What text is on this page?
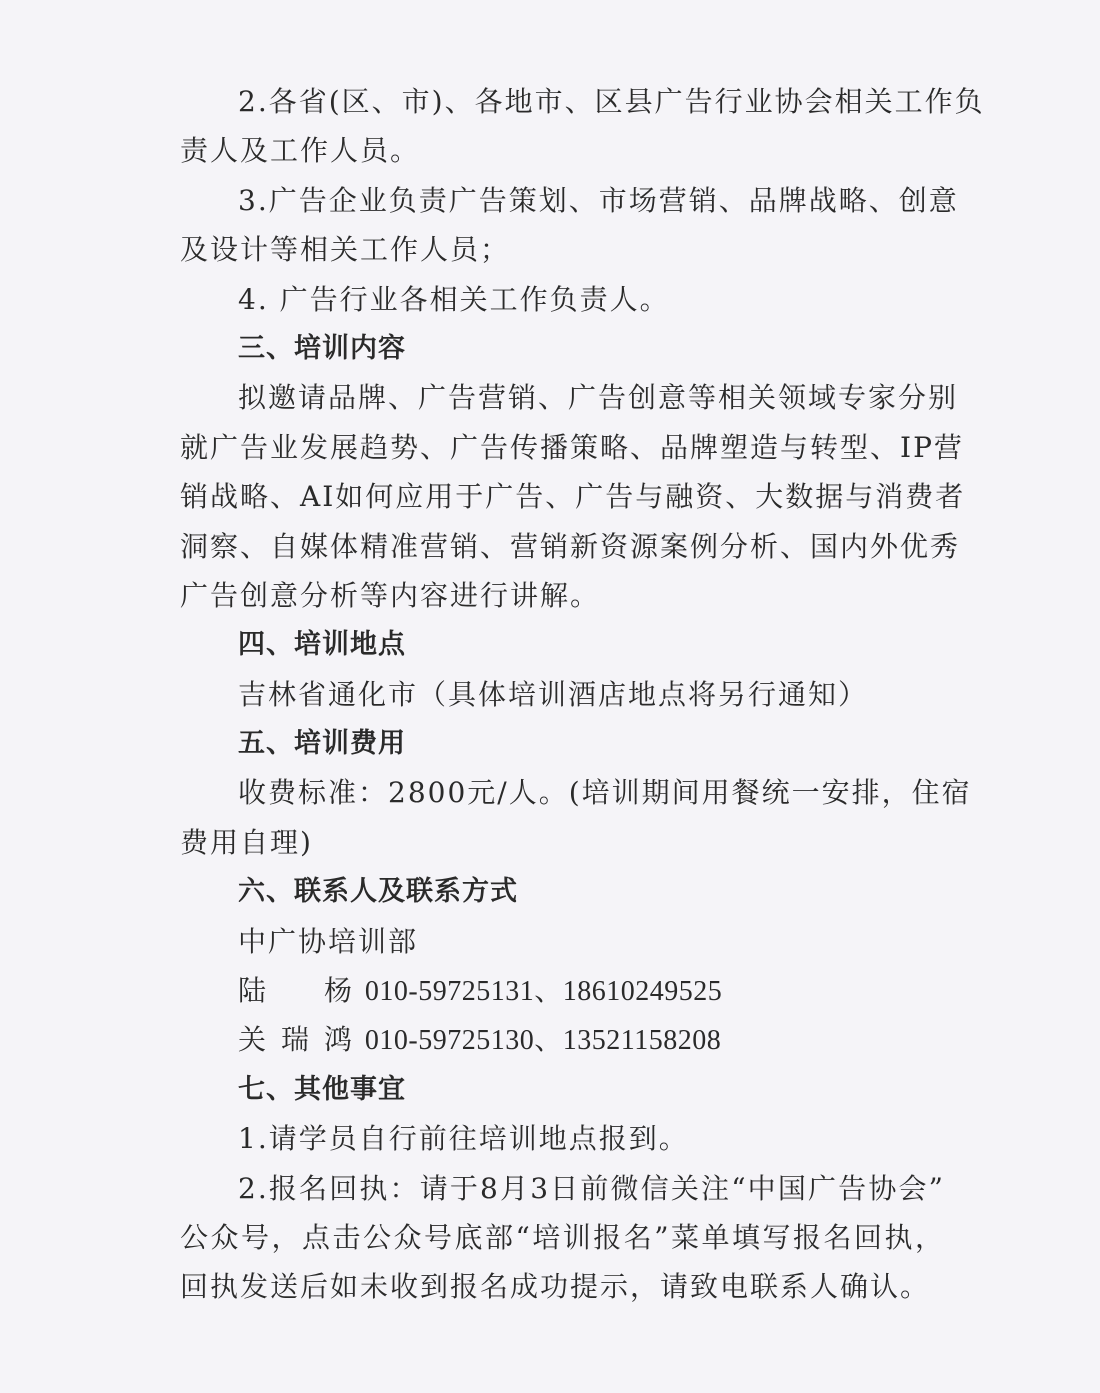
2.各省(区、市)、各地市、区县广告行业协会相关工作负
责人及工作人员。
3.广告企业负责广告策划、市场营销、品牌战略、创意
及设计等相关工作人员；
4. 广告行业各相关工作负责人。
三、培训内容
拟邀请品牌、广告营销、广告创意等相关领域专家分别
就广告业发展趋势、广告传播策略、品牌塑造与转型、IP营
销战略、AI如何应用于广告、广告与融资、大数据与消费者
洞察、自媒体精准营销、营销新资源案例分析、国内外优秀
广告创意分析等内容进行讲解。
四、培训地点
吉林省通化市（具体培训酒店地点将另行通知）
五、培训费用
收费标准：2800元/人。(培训期间用餐统一安排，住宿
费用自理)
六、联系人及联系方式
中广协培训部
陆　杨 010-59725131、18610249525
关瑞鸿 010-59725130、13521158208
七、其他事宜
1.请学员自行前往培训地点报到。
2.报名回执：请于8月3日前微信关注“中国广告协会”
公众号，点击公众号底部“培训报名”菜单填写报名回执，
回执发送后如未收到报名成功提示，请致电联系人确认。
